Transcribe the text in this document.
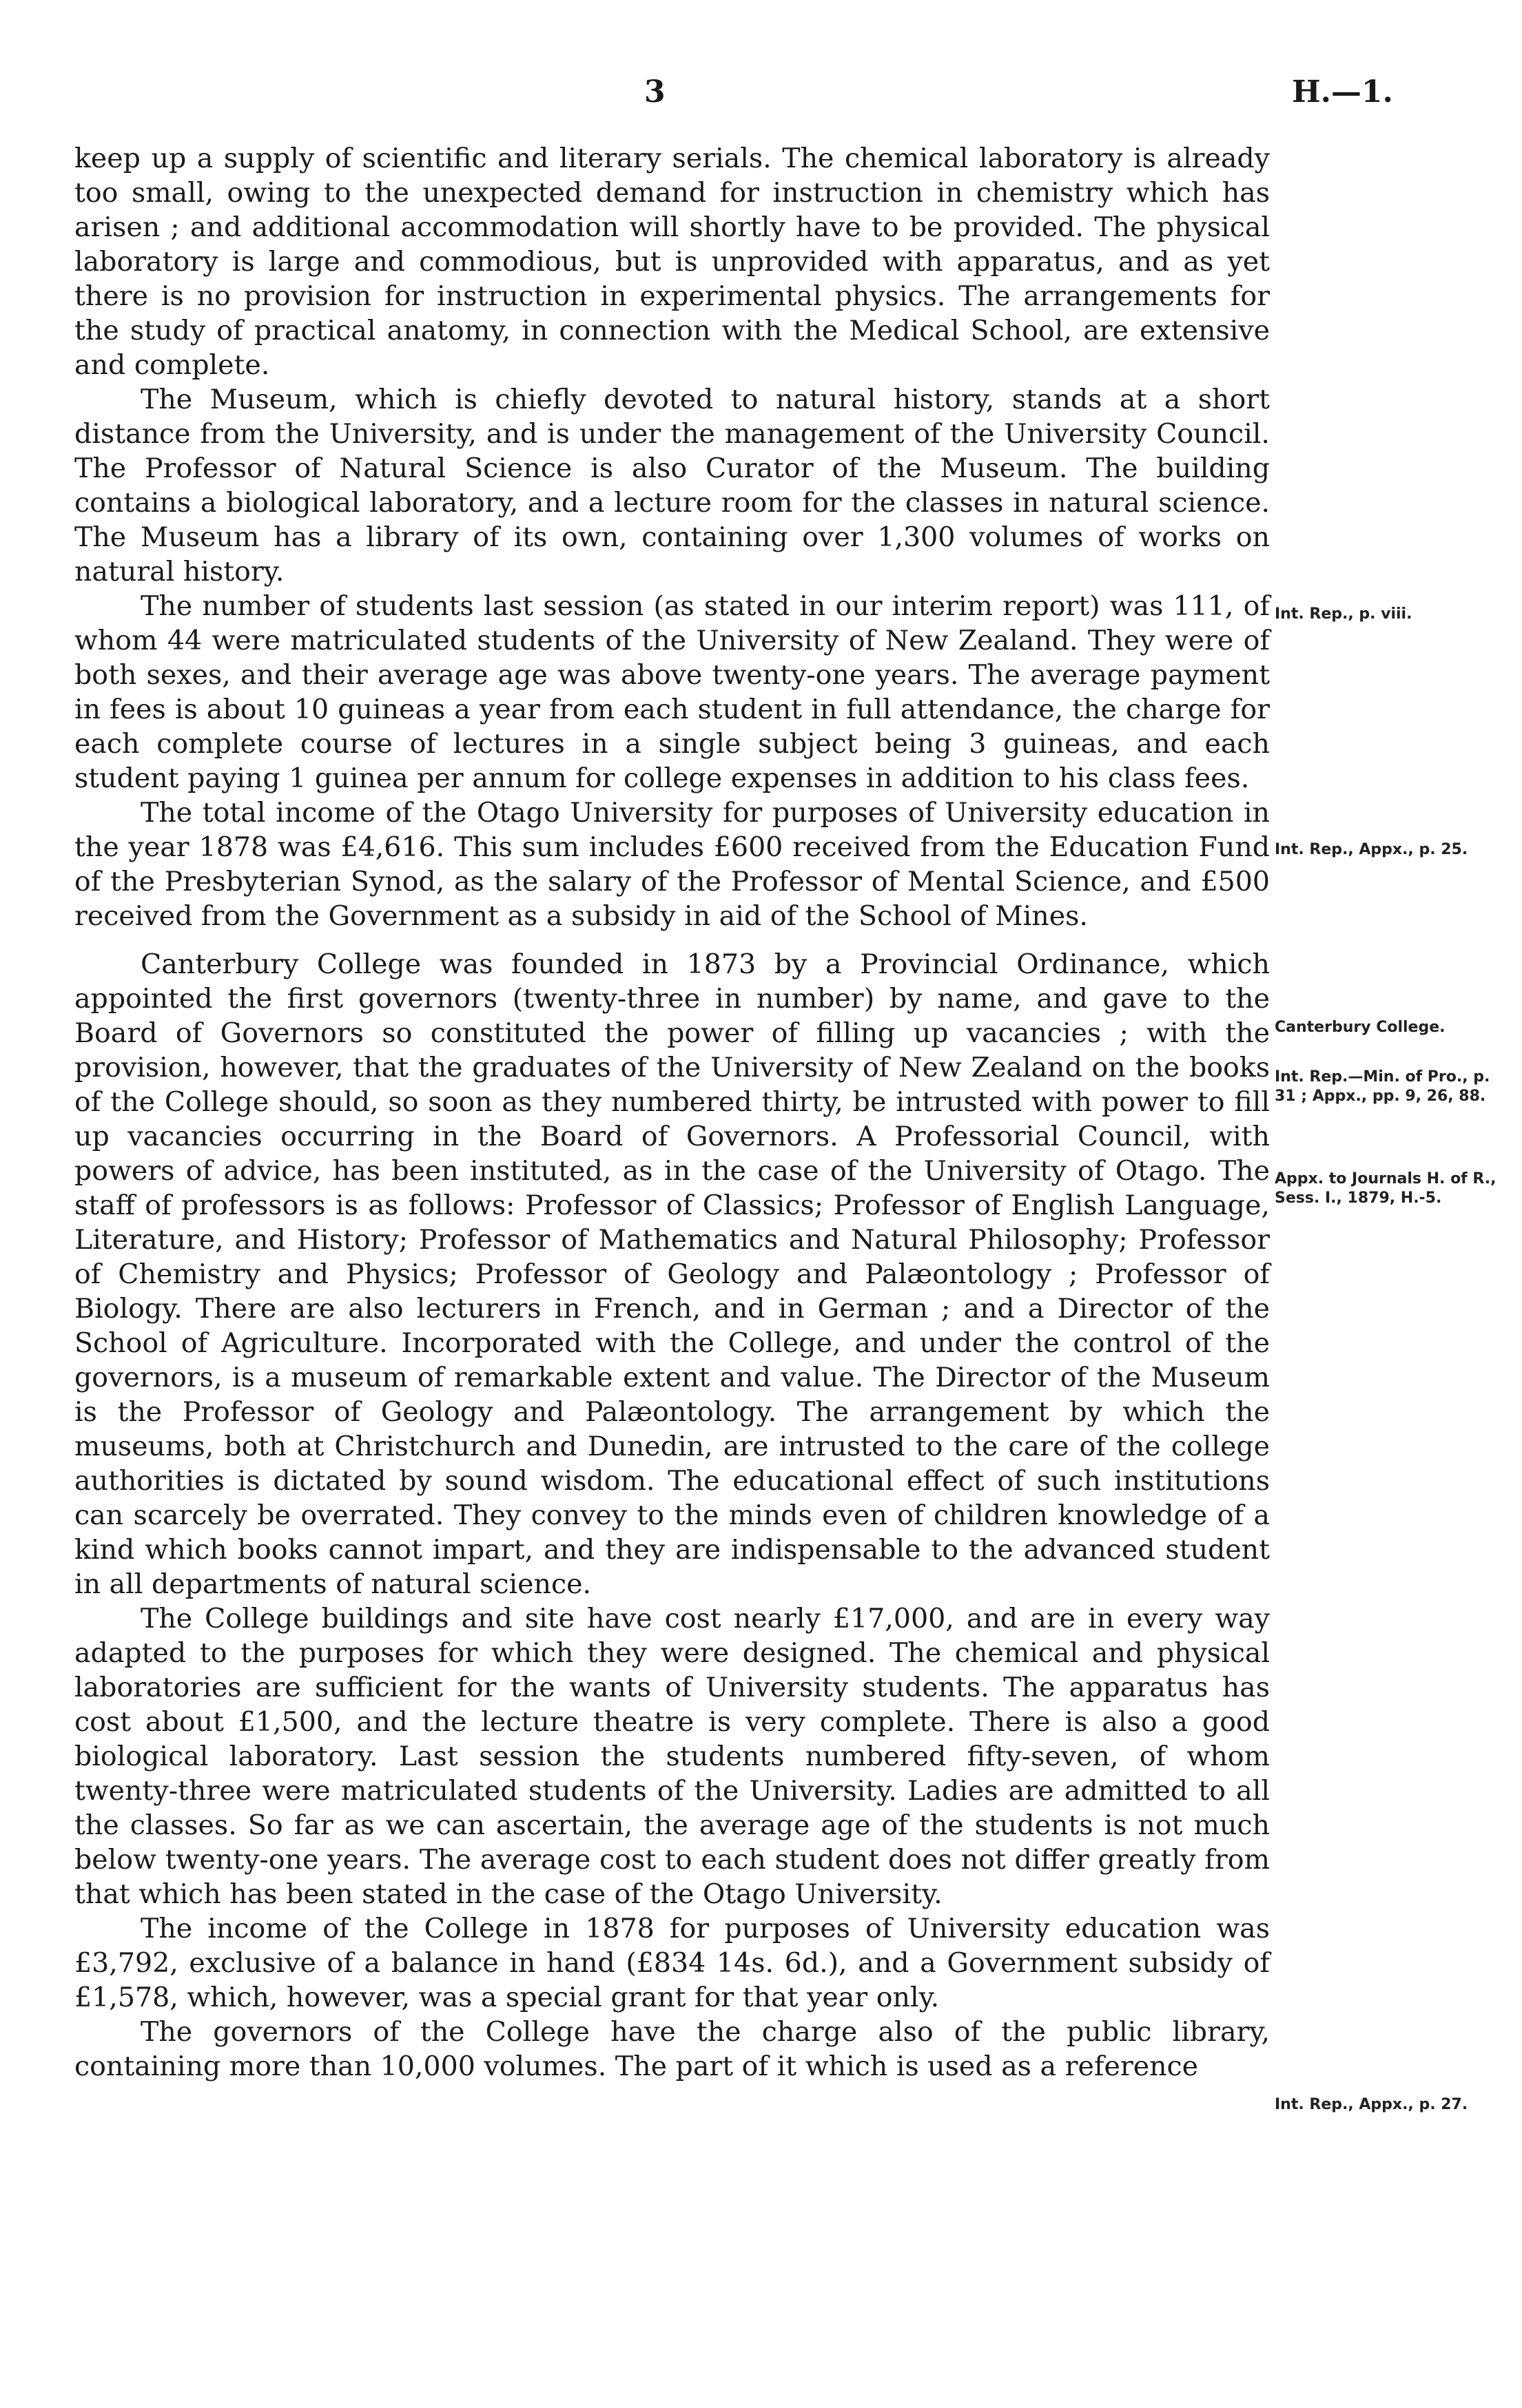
3	H.—1.

keep up a supply of scientific and literary serials. The chemical laboratory is already too small, owing to the unexpected demand for instruction in chemistry which has arisen ; and additional accommodation will shortly have to be provided. The physical laboratory is large and commodious, but is unprovided with apparatus, and as yet there is no provision for instruction in experimental physics. The arrangements for the study of practical anatomy, in connection with the Medical School, are extensive and complete.

The Museum, which is chiefly devoted to natural history, stands at a short distance from the University, and is under the management of the University Council. The Professor of Natural Science is also Curator of the Museum. The building contains a biological laboratory, and a lecture room for the classes in natural science. The Museum has a library of its own, containing over 1,300 volumes of works on natural history.

The number of students last session (as stated in our interim report) was 111, of whom 44 were matriculated students of the University of New Zealand. They were of both sexes, and their average age was above twenty-one years. The average payment in fees is about 10 guineas a year from each student in full attendance, the charge for each complete course of lectures in a single subject being 3 guineas, and each student paying 1 guinea per annum for college expenses in addition to his class fees.

The total income of the Otago University for purposes of University education in the year 1878 was £4,616. This sum includes £600 received from the Education Fund of the Presbyterian Synod, as the salary of the Professor of Mental Science, and £500 received from the Government as a subsidy in aid of the School of Mines.

Canterbury College was founded in 1873 by a Provincial Ordinance, which appointed the first governors (twenty-three in number) by name, and gave to the Board of Governors so constituted the power of filling up vacancies ; with the provision, however, that the graduates of the University of New Zealand on the books of the College should, so soon as they numbered thirty, be intrusted with power to fill up vacancies occurring in the Board of Governors. A Professorial Council, with powers of advice, has been instituted, as in the case of the University of Otago. The staff of professors is as follows: Professor of Classics; Professor of English Language, Literature, and History; Professor of Mathematics and Natural Philosophy; Professor of Chemistry and Physics; Professor of Geology and Palæontology ; Professor of Biology. There are also lecturers in French, and in German ; and a Director of the School of Agriculture. Incorporated with the College, and under the control of the governors, is a museum of remarkable extent and value. The Director of the Museum is the Professor of Geology and Palæontology. The arrangement by which the museums, both at Christchurch and Dunedin, are intrusted to the care of the college authorities is dictated by sound wisdom. The educational effect of such institutions can scarcely be overrated. They convey to the minds even of children knowledge of a kind which books cannot impart, and they are indispensable to the advanced student in all departments of natural science.

The College buildings and site have cost nearly £17,000, and are in every way adapted to the purposes for which they were designed. The chemical and physical laboratories are sufficient for the wants of University students. The apparatus has cost about £1,500, and the lecture theatre is very complete. There is also a good biological laboratory. Last session the students numbered fifty-seven, of whom twenty-three were matriculated students of the University. Ladies are admitted to all the classes. So far as we can ascertain, the average age of the students is not much below twenty-one years. The average cost to each student does not differ greatly from that which has been stated in the case of the Otago University.

The income of the College in 1878 for purposes of University education was £3,792, exclusive of a balance in hand (£834 14s. 6d.), and a Government subsidy of £1,578, which, however, was a special grant for that year only.

The governors of the College have the charge also of the public library, containing more than 10,000 volumes. The part of it which is used as a reference

Int. Rep., p. viii.
Int. Rep., Appx., p. 25.
Canterbury College.
Int. Rep.—Min. of Pro., p. 31 ; Appx., pp. 9, 26, 88.
Appx. to Journals H. of R., Sess. I., 1879, H.-5.
Int. Rep., Appx., p. 27.
